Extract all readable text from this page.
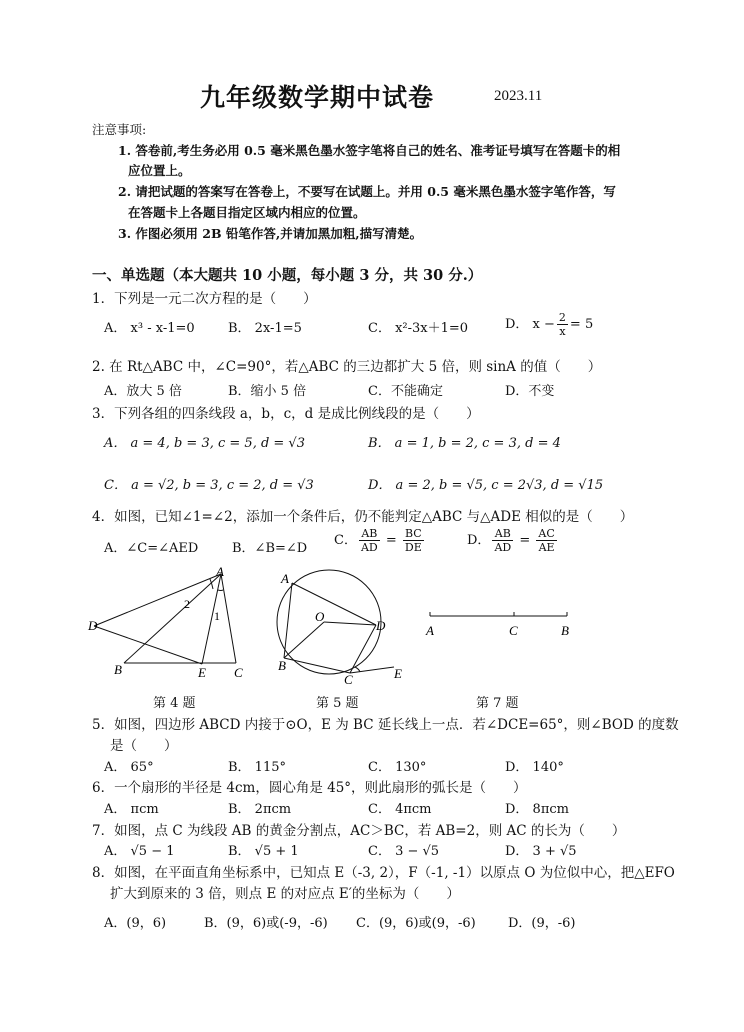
九年级数学期中试卷	2023.11
注意事项:
1. 答卷前,考生务必用 0.5 毫米黑色墨水签字笔将自己的姓名、准考证号填写在答题卡的相
应位置上。
2. 请把试题的答案写在答卷上，不要写在试题上。并用 0.5 毫米黑色墨水签字笔作答，写
在答题卡上各题目指定区域内相应的位置。
3. 作图必须用 2B 铅笔作答,并请加黑加粗,描写清楚。
一、单选题（本大题共 10 小题，每小题 3 分，共 30 分.）
1．下列是一元二次方程的是（　　）
A． x³ - x-1=0	B． 2x-1=5	C． x²-3x＋1=0	D． $x - \frac{2}{x} = 5$
2. 在 Rt△ABC 中，∠C=90°，若△ABC 的三边都扩大 5 倍，则 sinA 的值（　　）
A．放大 5 倍	B．缩小 5 倍	C．不能确定	D．不变
3．下列各组的四条线段 a，b，c，d 是成比例线段的是（　　）
A． a = 4, b = 3, c = 5, d = √3	B． a = 1, b = 2, c = 3, d = 4
C． a = √2, b = 3, c = 2, d = √3	D． a = 2, b = √5, c = 2√3, d = √15
4．如图，已知∠1=∠2，添加一个条件后，仍不能判定△ABC 与△ADE 相似的是（　　）
A．∠C=∠AED	B．∠B=∠D
C． $\frac{AB}{AD} = \frac{BC}{DE}$	D． $\frac{AB}{AD} = \frac{AC}{AE}$
A
D
B	E C
1
2
第 4 题
A
O
D
B
C	E
第 5 题
A	C	B
第 7 题
5．如图，四边形 ABCD 内接于⊙O，E 为 BC 延长线上一点．若∠DCE=65°，则∠BOD 的度数
是（　　）
A． 65°	B． 115°	C． 130°	D． 140°
6．一个扇形的半径是 4cm，圆心角是 45°，则此扇形的弧长是（　　）
A． πcm	B． 2πcm	C． 4πcm	D． 8πcm
7．如图，点 C 为线段 AB 的黄金分割点，AC＞BC，若 AB=2，则 AC 的长为（　　）
A． √5 − 1	B． √5 + 1	C． 3 − √5	D． 3 + √5
8．如图，在平面直角坐标系中，已知点 E（-3, 2），F（-1, -1）以原点 O 为位似中心，把△EFO
扩大到原来的 3 倍，则点 E 的对应点 E′的坐标为（　　）
A．(9，6)	B．(9，6)或(-9，-6) C．(9，6)或(9，-6) D．(9，-6)
